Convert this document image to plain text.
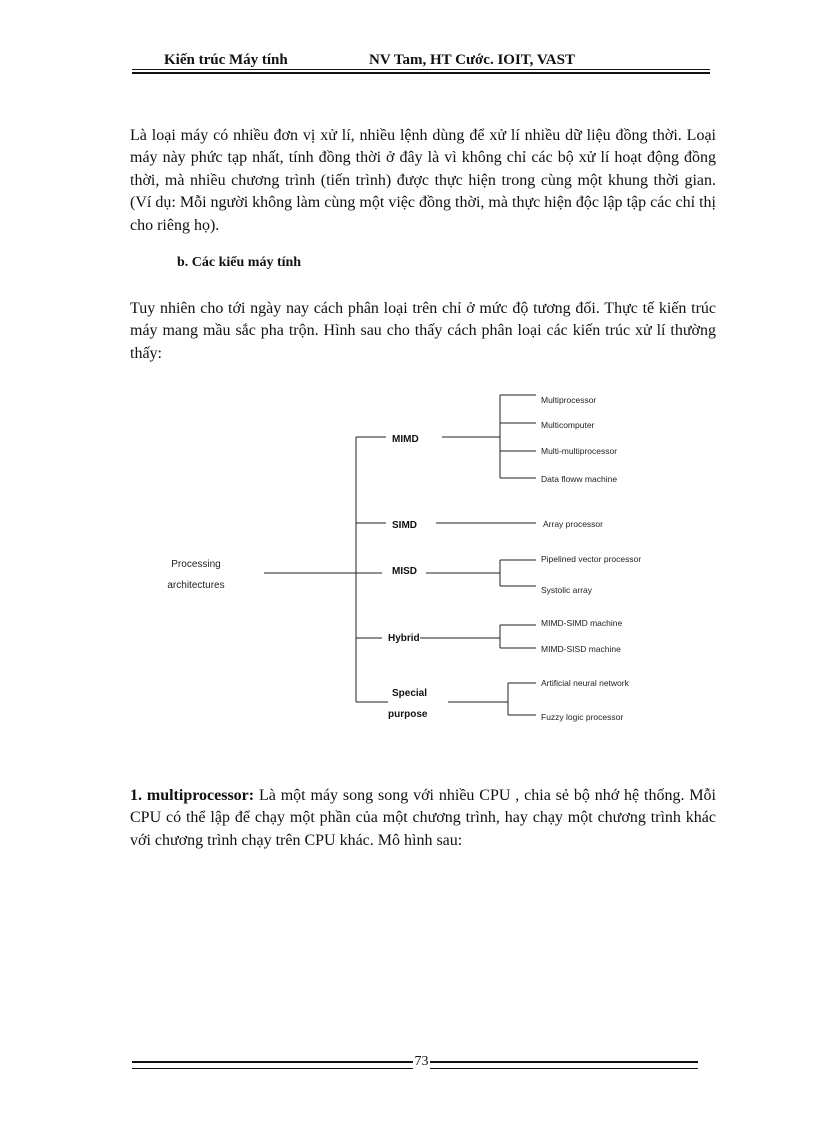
Kiến trúc Máy tính	NV Tam, HT Cước. IOIT, VAST

Là loại máy có nhiều đơn vị xử lí, nhiều lệnh dùng để xử lí nhiều dữ liệu đồng thời. Loại máy này phức tạp nhất, tính đồng thời ở đây là vì không chỉ các bộ xử lí hoạt động đồng thời, mà nhiều chương trình (tiến trình) được thực hiện trong cùng một khung thời gian. (Ví dụ: Mỗi người không làm cùng một việc đồng thời, mà thực hiện độc lập tập các chỉ thị cho riêng họ).

b. Các kiểu máy tính

Tuy nhiên cho tới ngày nay cách phân loại trên chỉ ở mức độ tương đối. Thực tế kiến trúc máy mang mầu sắc pha trộn. Hình sau cho thấy cách phân loại các kiến trúc xử lí thường thấy:

Processing
architectures
MIMD
SIMD
MISD
Hybrid
Special
purpose
Multiprocessor
Multicomputer
Multi-multiprocessor
Data floww machine
Array processor
Pipelined vector processor
Systolic array
MIMD-SIMD machine
MIMD-SISD machine
Artificial neural network
Fuzzy logic processor

1. multiprocessor: Là một máy song song với nhiều CPU , chia sẻ bộ nhớ hệ thống. Mỗi CPU có thể lập để chạy một phần của một chương trình, hay chạy một chương trình khác với chương trình chạy trên CPU khác. Mô hình sau:

73
